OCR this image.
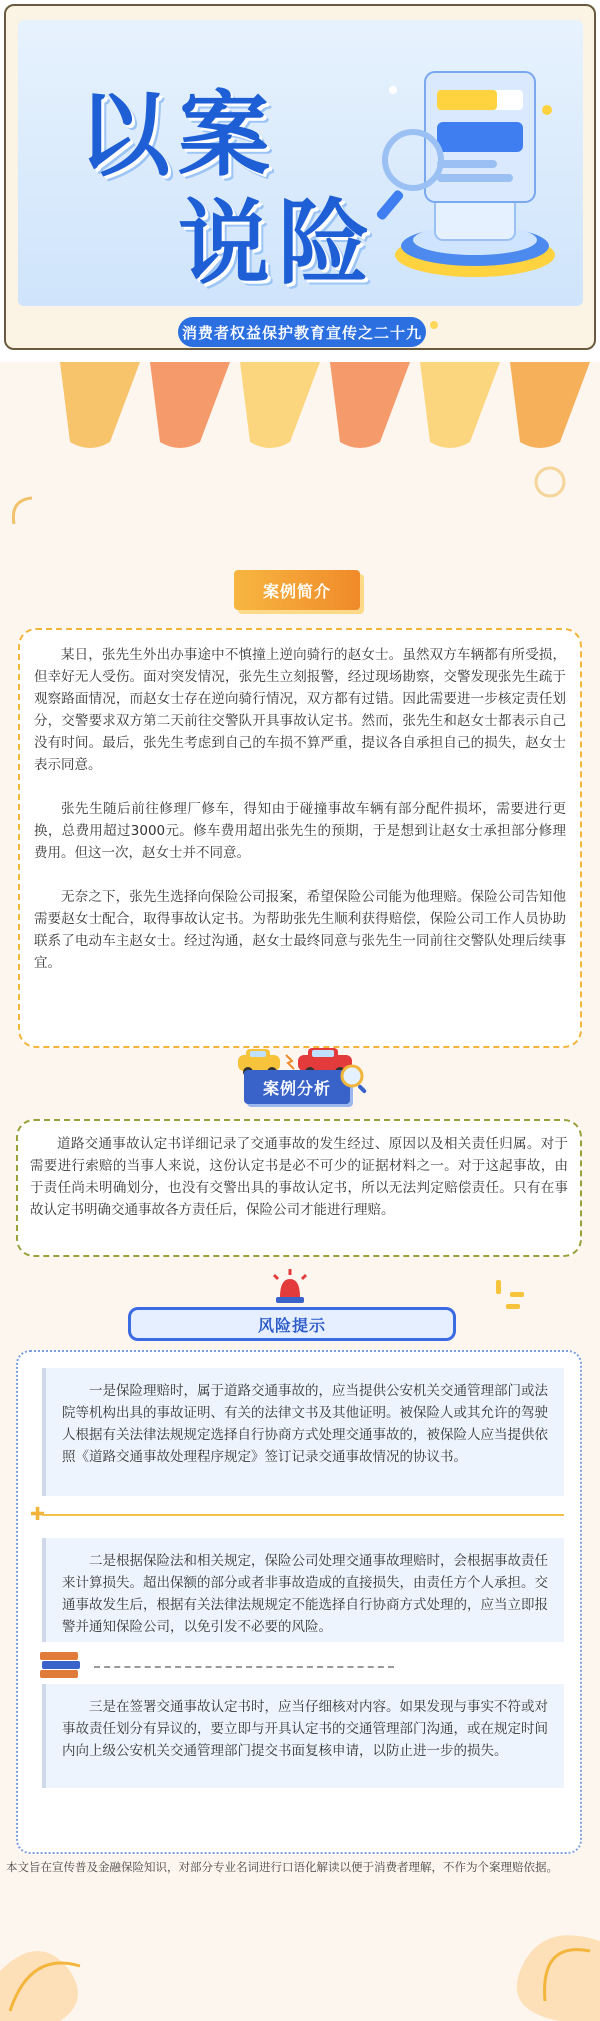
以案
说险
消费者权益保护教育宣传之二十九
案例简介

某日，张先生外出办事途中不慎撞上逆向骑行的赵女士。虽然双方车辆都有所受损，但幸好无人受伤。面对突发情况，张先生立刻报警，经过现场勘察，交警发现张先生疏于观察路面情况，而赵女士存在逆向骑行情况，双方都有过错。因此需要进一步核定责任划分，交警要求双方第二天前往交警队开具事故认定书。然而，张先生和赵女士都表示自己没有时间。最后，张先生考虑到自己的车损不算严重，提议各自承担自己的损失，赵女士表示同意。

张先生随后前往修理厂修车，得知由于碰撞事故车辆有部分配件损坏，需要进行更换，总费用超过3000元。修车费用超出张先生的预期，于是想到让赵女士承担部分修理费用。但这一次，赵女士并不同意。

无奈之下，张先生选择向保险公司报案，希望保险公司能为他理赔。保险公司告知他需要赵女士配合，取得事故认定书。为帮助张先生顺利获得赔偿，保险公司工作人员协助联系了电动车主赵女士。经过沟通，赵女士最终同意与张先生一同前往交警队处理后续事宜。

案例分析

道路交通事故认定书详细记录了交通事故的发生经过、原因以及相关责任归属。对于需要进行索赔的当事人来说，这份认定书是必不可少的证据材料之一。对于这起事故，由于责任尚未明确划分，也没有交警出具的事故认定书，所以无法判定赔偿责任。只有在事故认定书明确交通事故各方责任后，保险公司才能进行理赔。

风险提示

一是保险理赔时，属于道路交通事故的，应当提供公安机关交通管理部门或法院等机构出具的事故证明、有关的法律文书及其他证明。被保险人或其允许的驾驶人根据有关法律法规规定选择自行协商方式处理交通事故的，被保险人应当提供依照《道路交通事故处理程序规定》签订记录交通事故情况的协议书。

✚

二是根据保险法和相关规定，保险公司处理交通事故理赔时，会根据事故责任来计算损失。超出保额的部分或者非事故造成的直接损失，由责任方个人承担。交通事故发生后，根据有关法律法规规定不能选择自行协商方式处理的，应当立即报警并通知保险公司，以免引发不必要的风险。

三是在签署交通事故认定书时，应当仔细核对内容。如果发现与事实不符或对事故责任划分有异议的，要立即与开具认定书的交通管理部门沟通，或在规定时间内向上级公安机关交通管理部门提交书面复核申请，以防止进一步的损失。

本文旨在宣传普及金融保险知识，对部分专业名词进行口语化解读以便于消费者理解，不作为个案理赔依据。
